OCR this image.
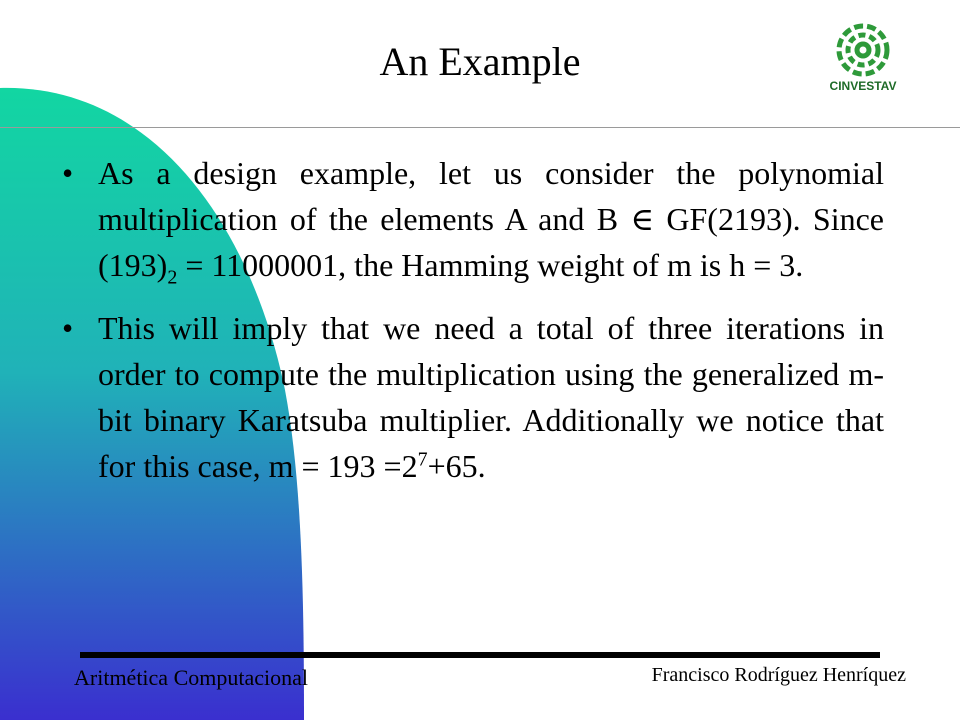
An Example
CINVESTAV
• As a design example, let us consider the polynomial multiplication of the elements A and B ∈ GF(2193). Since $(193)_2 = 11000001$, the Hamming weight of m is h = 3.
• This will imply that we need a total of three iterations in order to compute the multiplication using the generalized m-bit binary Karatsuba multiplier. Additionally we notice that for this case, $m = 193 =2^7+65$.
Aritmética Computacional	Francisco Rodríguez Henríquez
